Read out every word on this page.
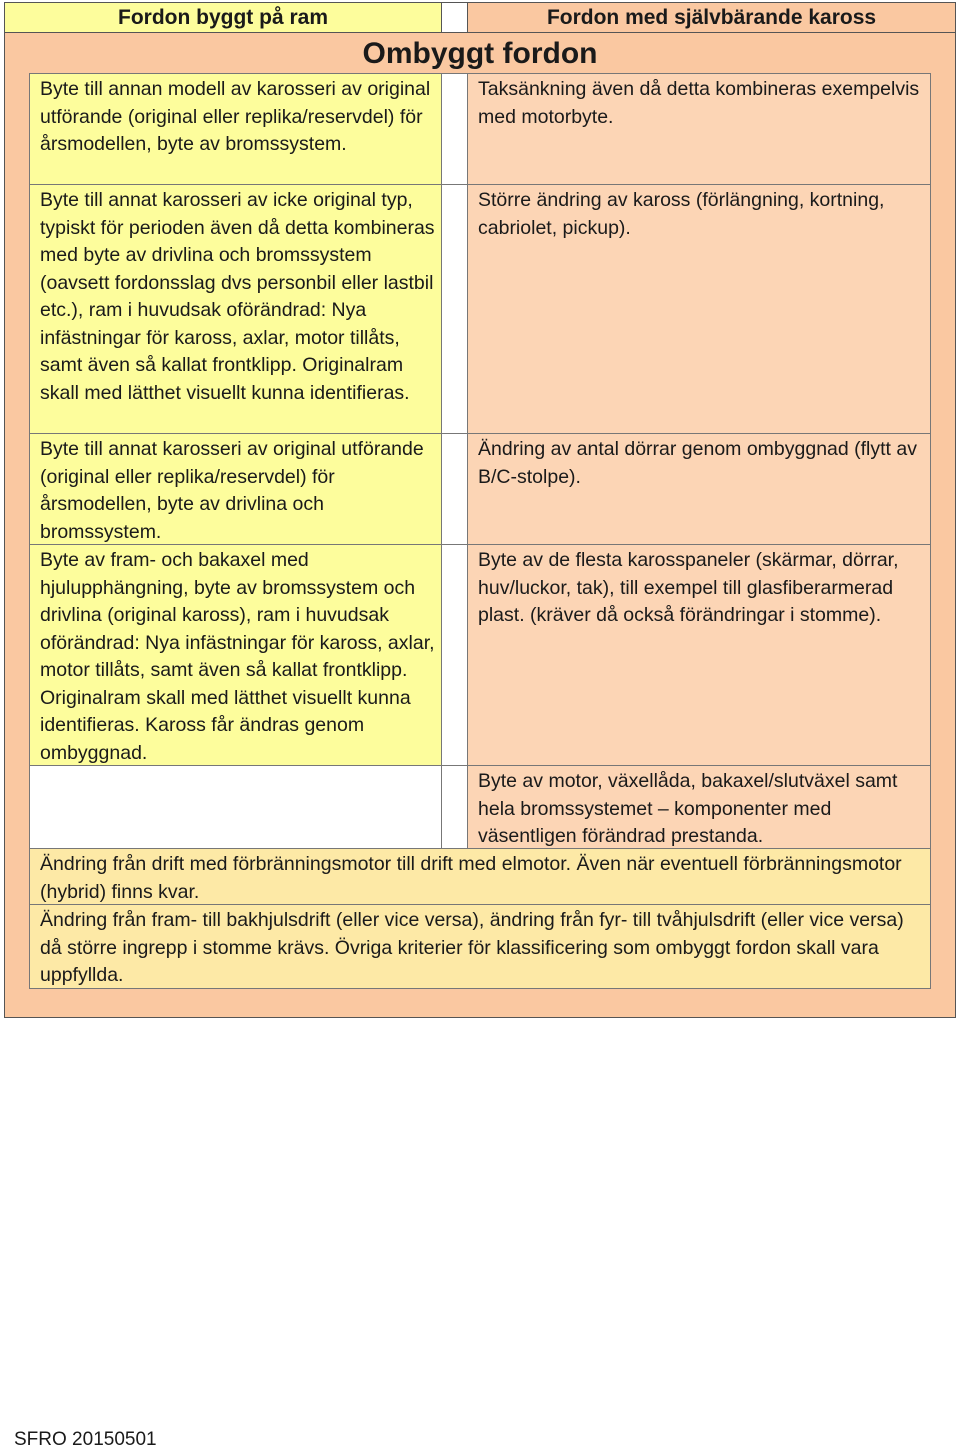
Fordon byggt på ram	Fordon med självbärande kaross
Ombyggt fordon
Byte till annan modell av karosseri av original utförande (original eller replika/reservdel) för årsmodellen, byte av bromssystem.
Taksänkning även då detta kombineras exempelvis med motorbyte.
Byte till annat karosseri av icke original typ, typiskt för perioden även då detta kombineras med byte av drivlina och bromssystem (oavsett fordonsslag dvs personbil eller lastbil etc.), ram i huvudsak oförändrad: Nya infästningar för kaross, axlar, motor tillåts, samt även så kallat frontklipp. Originalram skall med lätthet visuellt kunna identifieras.
Större ändring av kaross (förlängning, kortning, cabriolet, pickup).
Byte till annat karosseri av original utförande (original eller replika/reservdel) för årsmodellen, byte av drivlina och bromssystem.
Ändring av antal dörrar genom ombyggnad (flytt av B/C-stolpe).
Byte av fram- och bakaxel med hjulupphängning, byte av bromssystem och drivlina (original kaross), ram i huvudsak oförändrad: Nya infästningar för kaross, axlar, motor tillåts, samt även så kallat frontklipp. Originalram skall med lätthet visuellt kunna identifieras. Kaross får ändras genom ombyggnad.
Byte av de flesta karosspaneler (skärmar, dörrar, huv/luckor, tak), till exempel till glasfiberarmerad plast. (kräver då också förändringar i stomme).
Byte av motor, växellåda, bakaxel/slutväxel samt hela bromssystemet – komponenter med väsentligen förändrad prestanda.
Ändring från drift med förbränningsmotor till drift med elmotor. Även när eventuell förbränningsmotor (hybrid) finns kvar.
Ändring från fram- till bakhjulsdrift (eller vice versa), ändring från fyr- till tvåhjulsdrift (eller vice versa) då större ingrepp i stomme krävs. Övriga kriterier för klassificering som ombyggt fordon skall vara uppfyllda.
SFRO 20150501
